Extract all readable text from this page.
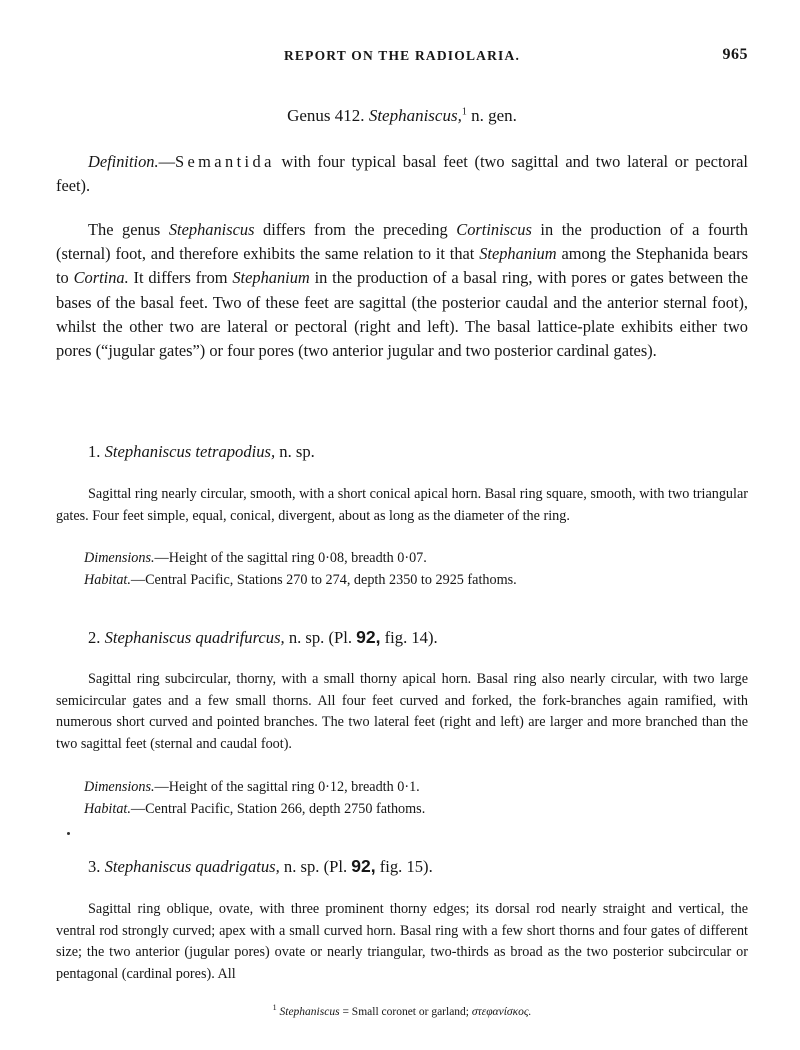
REPORT ON THE RADIOLARIA.	965
Genus 412. Stephaniscus,$^1$ n. gen.
Definition.—Semantida with four typical basal feet (two sagittal and two lateral or pectoral feet).
The genus Stephaniscus differs from the preceding Cortiniscus in the production of a fourth (sternal) foot, and therefore exhibits the same relation to it that Stephanium among the Stephanida bears to Cortina. It differs from Stephanium in the production of a basal ring, with pores or gates between the bases of the basal feet. Two of these feet are sagittal (the posterior caudal and the anterior sternal foot), whilst the other two are lateral or pectoral (right and left). The basal lattice-plate exhibits either two pores (“jugular gates”) or four pores (two anterior jugular and two posterior cardinal gates).
1. Stephaniscus tetrapodius, n. sp.
Sagittal ring nearly circular, smooth, with a short conical apical horn. Basal ring square, smooth, with two triangular gates. Four feet simple, equal, conical, divergent, about as long as the diameter of the ring.
Dimensions.—Height of the sagittal ring 0·08, breadth 0·07.
Habitat.—Central Pacific, Stations 270 to 274, depth 2350 to 2925 fathoms.
2. Stephaniscus quadrifurcus, n. sp. (Pl. 92, fig. 14).
Sagittal ring subcircular, thorny, with a small thorny apical horn. Basal ring also nearly circular, with two large semicircular gates and a few small thorns. All four feet curved and forked, the fork-branches again ramified, with numerous short curved and pointed branches. The two lateral feet (right and left) are larger and more branched than the two sagittal feet (sternal and caudal foot).
Dimensions.—Height of the sagittal ring 0·12, breadth 0·1.
Habitat.—Central Pacific, Station 266, depth 2750 fathoms.
3. Stephaniscus quadrigatus, n. sp. (Pl. 92, fig. 15).
Sagittal ring oblique, ovate, with three prominent thorny edges; its dorsal rod nearly straight and vertical, the ventral rod strongly curved; apex with a small curved horn. Basal ring with a few short thorns and four gates of different size; the two anterior (jugular pores) ovate or nearly triangular, two-thirds as broad as the two posterior subcircular or pentagonal (cardinal pores). All
$^1$ Stephaniscus = Small coronet or garland; στεφανίσκος.
